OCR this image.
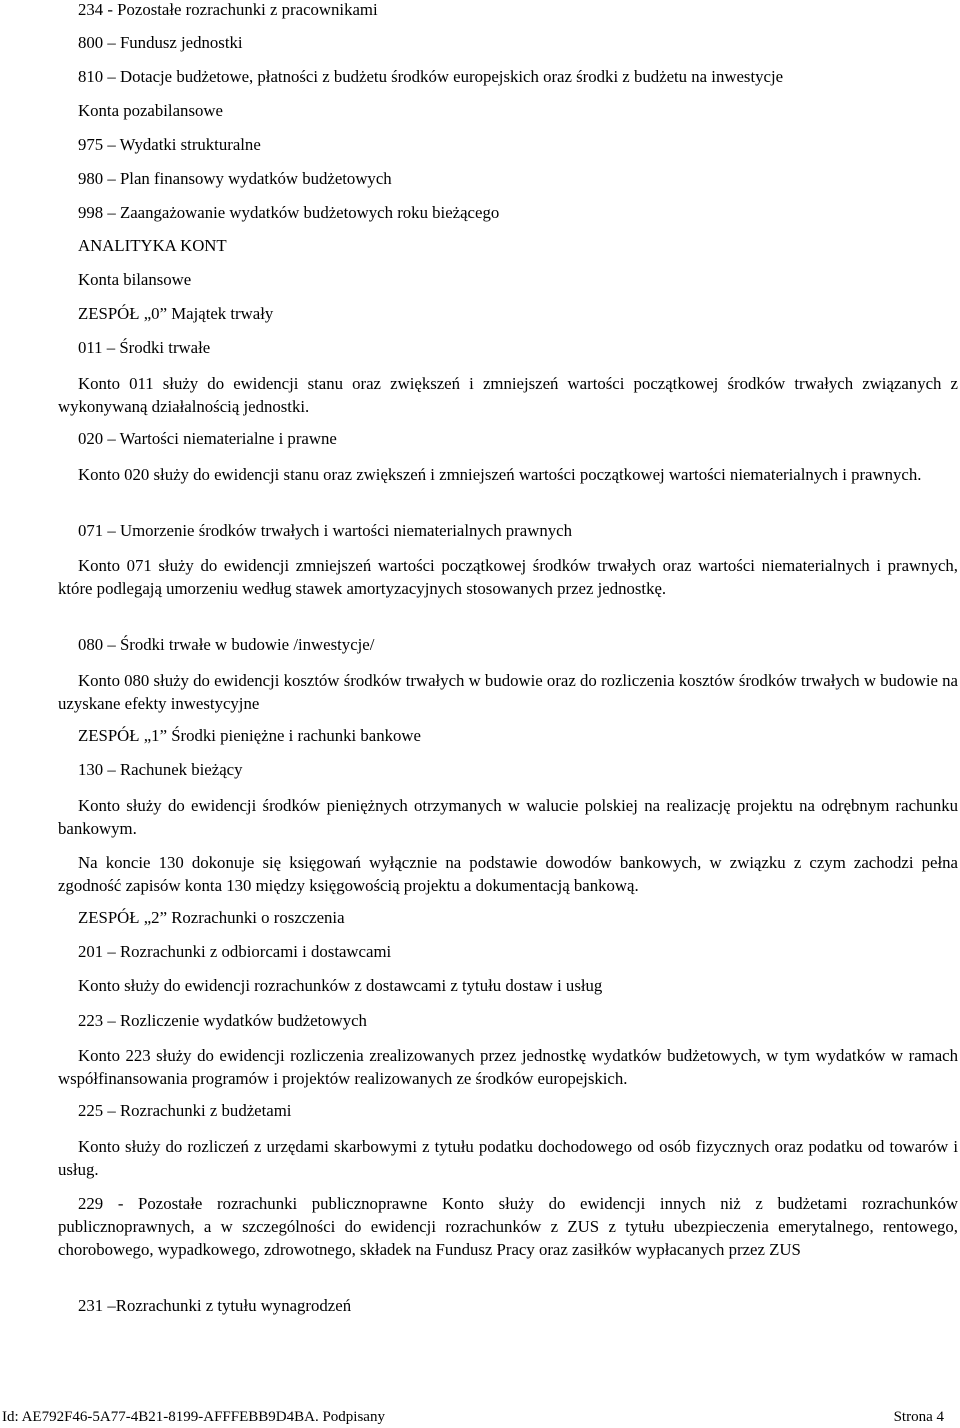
234 - Pozostałe rozrachunki z pracownikami
800 – Fundusz jednostki
810 – Dotacje budżetowe, płatności z budżetu środków europejskich oraz środki z budżetu na inwestycje
Konta pozabilansowe
975 – Wydatki strukturalne
980 – Plan finansowy wydatków budżetowych
998 – Zaangażowanie wydatków budżetowych roku bieżącego
ANALITYKA KONT
Konta bilansowe
ZESPÓŁ „0” Majątek trwały
011 – Środki trwałe
Konto 011 służy do ewidencji stanu oraz zwiększeń i zmniejszeń wartości początkowej środków trwałych związanych z wykonywaną działalnością jednostki.
020 – Wartości niematerialne i prawne
Konto 020 służy do ewidencji stanu oraz zwiększeń i zmniejszeń wartości początkowej wartości niematerialnych i prawnych.
071 – Umorzenie środków trwałych i wartości niematerialnych prawnych
Konto 071 służy do ewidencji zmniejszeń wartości początkowej środków trwałych oraz wartości niematerialnych i prawnych, które podlegają umorzeniu według stawek amortyzacyjnych stosowanych przez jednostkę.
080 – Środki trwałe w budowie /inwestycje/
Konto 080 służy do ewidencji kosztów środków trwałych w budowie oraz do rozliczenia kosztów środków trwałych w budowie na uzyskane efekty inwestycyjne
ZESPÓŁ „1” Środki pieniężne i rachunki bankowe
130 – Rachunek bieżący
Konto służy do ewidencji środków pieniężnych otrzymanych w walucie polskiej na realizację projektu na odrębnym rachunku bankowym.
Na koncie 130 dokonuje się księgowań wyłącznie na podstawie dowodów bankowych, w związku z czym zachodzi pełna zgodność zapisów konta 130 między księgowością projektu a dokumentacją bankową.
ZESPÓŁ „2” Rozrachunki o roszczenia
201 – Rozrachunki z odbiorcami i dostawcami
Konto służy do ewidencji rozrachunków z dostawcami z tytułu dostaw i usług
223 – Rozliczenie wydatków budżetowych
Konto 223 służy do ewidencji rozliczenia zrealizowanych przez jednostkę wydatków budżetowych, w tym wydatków w ramach współfinansowania programów i projektów realizowanych ze środków europejskich.
225 – Rozrachunki z budżetami
Konto służy do rozliczeń z urzędami skarbowymi z tytułu podatku dochodowego od osób fizycznych oraz podatku od towarów i usług.
229 - Pozostałe rozrachunki publicznoprawne Konto służy do ewidencji innych niż z budżetami rozrachunków publicznoprawnych, a w szczególności do ewidencji rozrachunków z ZUS z tytułu ubezpieczenia emerytalnego, rentowego, chorobowego, wypadkowego, zdrowotnego, składek na Fundusz Pracy oraz zasiłków wypłacanych przez ZUS
231 –Rozrachunki z tytułu wynagrodzeń
Id: AE792F46-5A77-4B21-8199-AFFFEBB9D4BA. Podpisany	Strona 4
